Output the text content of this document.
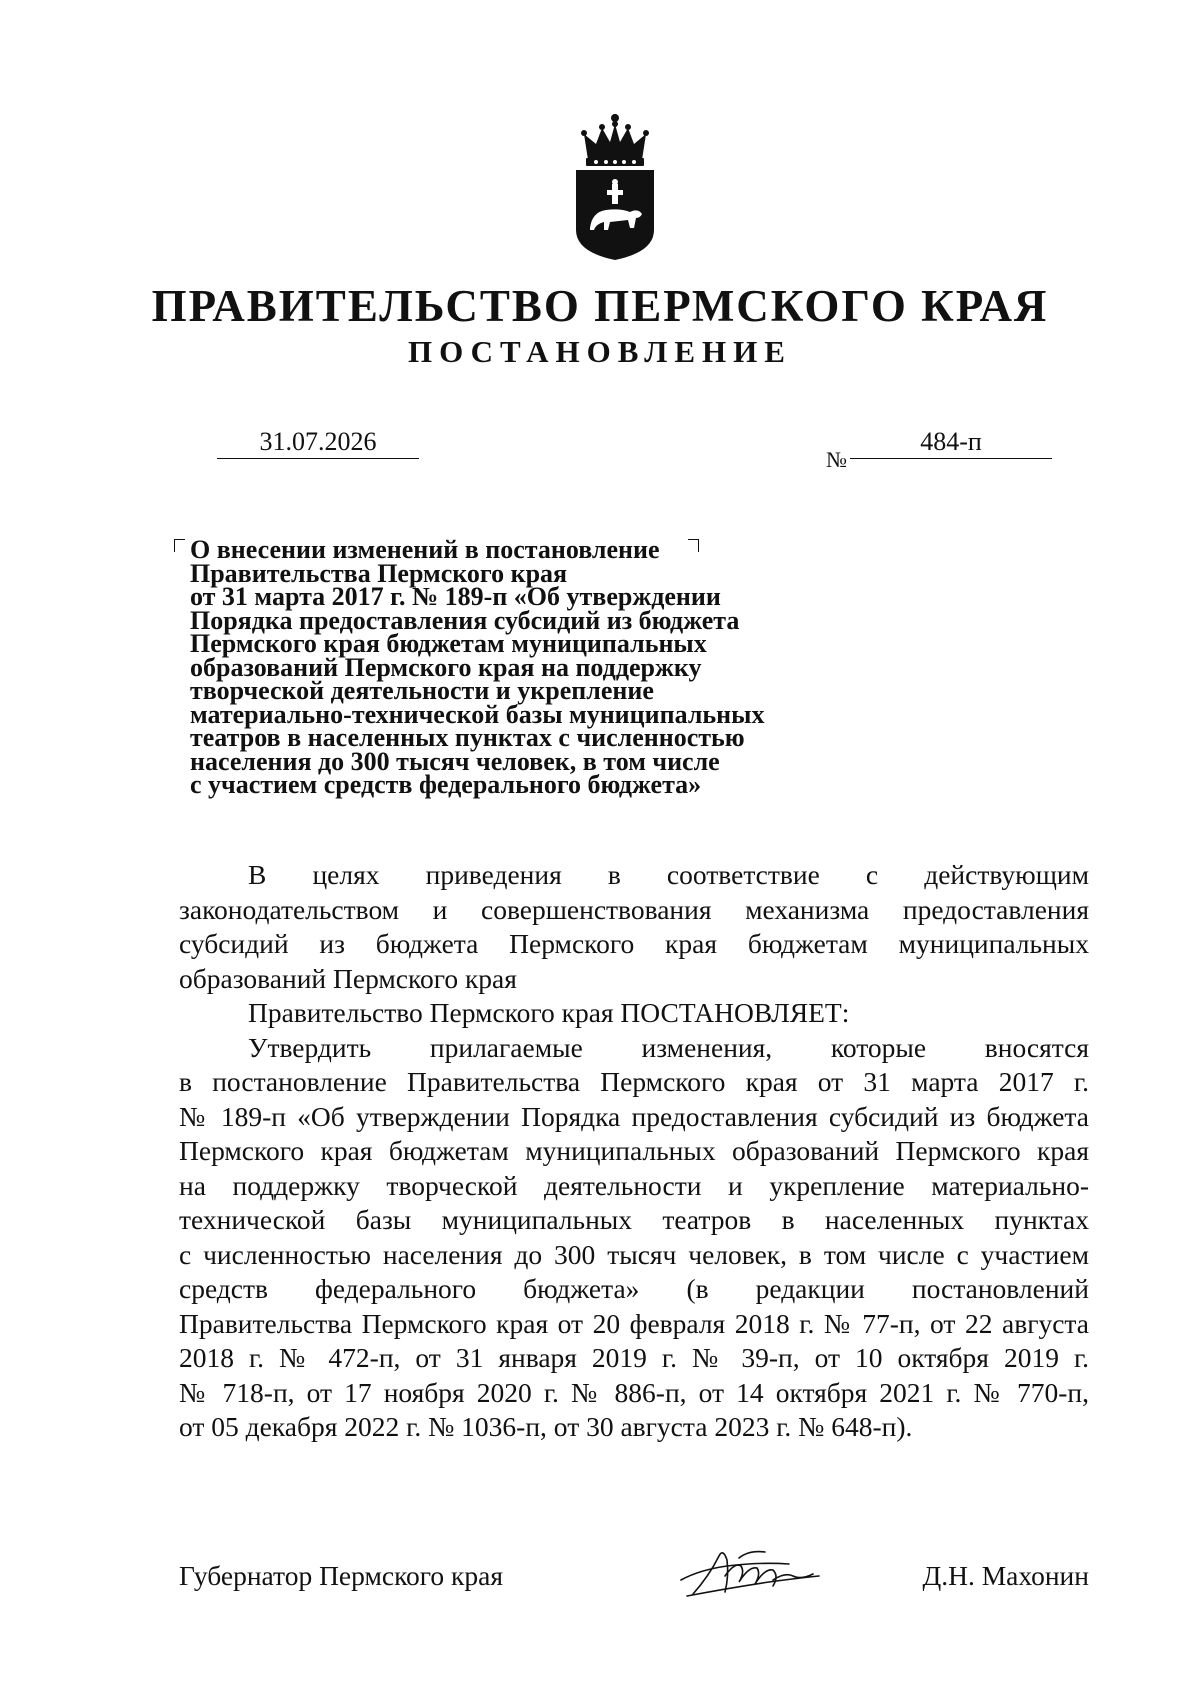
ПРАВИТЕЛЬСТВО ПЕРМСКОГО КРАЯ
ПОСТАНОВЛЕНИЕ
31.07.2026
№
484-п
О внесении изменений в постановление
Правительства Пермского края
от 31 марта 2017 г. № 189-п «Об утверждении
Порядка предоставления субсидий из бюджета
Пермского края бюджетам муниципальных
образований Пермского края на поддержку
творческой деятельности и укрепление
материально-технической базы муниципальных
театров в населенных пунктах с численностью
населения до 300 тысяч человек, в том числе
с участием средств федерального бюджета»
В целях приведения в соответствие с действующим
законодательством и совершенствования механизма предоставления
субсидий из бюджета Пермского края бюджетам муниципальных
образований Пермского края
Правительство Пермского края ПОСТАНОВЛЯЕТ:
Утвердить прилагаемые изменения, которые вносятся
в постановление Правительства Пермского края от 31 марта 2017 г.
№ 189-п «Об утверждении Порядка предоставления субсидий из бюджета
Пермского края бюджетам муниципальных образований Пермского края
на поддержку творческой деятельности и укрепление материально-
технической базы муниципальных театров в населенных пунктах
с численностью населения до 300 тысяч человек, в том числе с участием
средств федерального бюджета» (в редакции постановлений
Правительства Пермского края от 20 февраля 2018 г. № 77-п, от 22 августа
2018 г. № 472-п, от 31 января 2019 г. № 39-п, от 10 октября 2019 г.
№ 718-п, от 17 ноября 2020 г. № 886-п, от 14 октября 2021 г. № 770-п,
от 05 декабря 2022 г. № 1036-п, от 30 августа 2023 г. № 648-п).
Губернатор Пермского края	Д.Н. Махонин
